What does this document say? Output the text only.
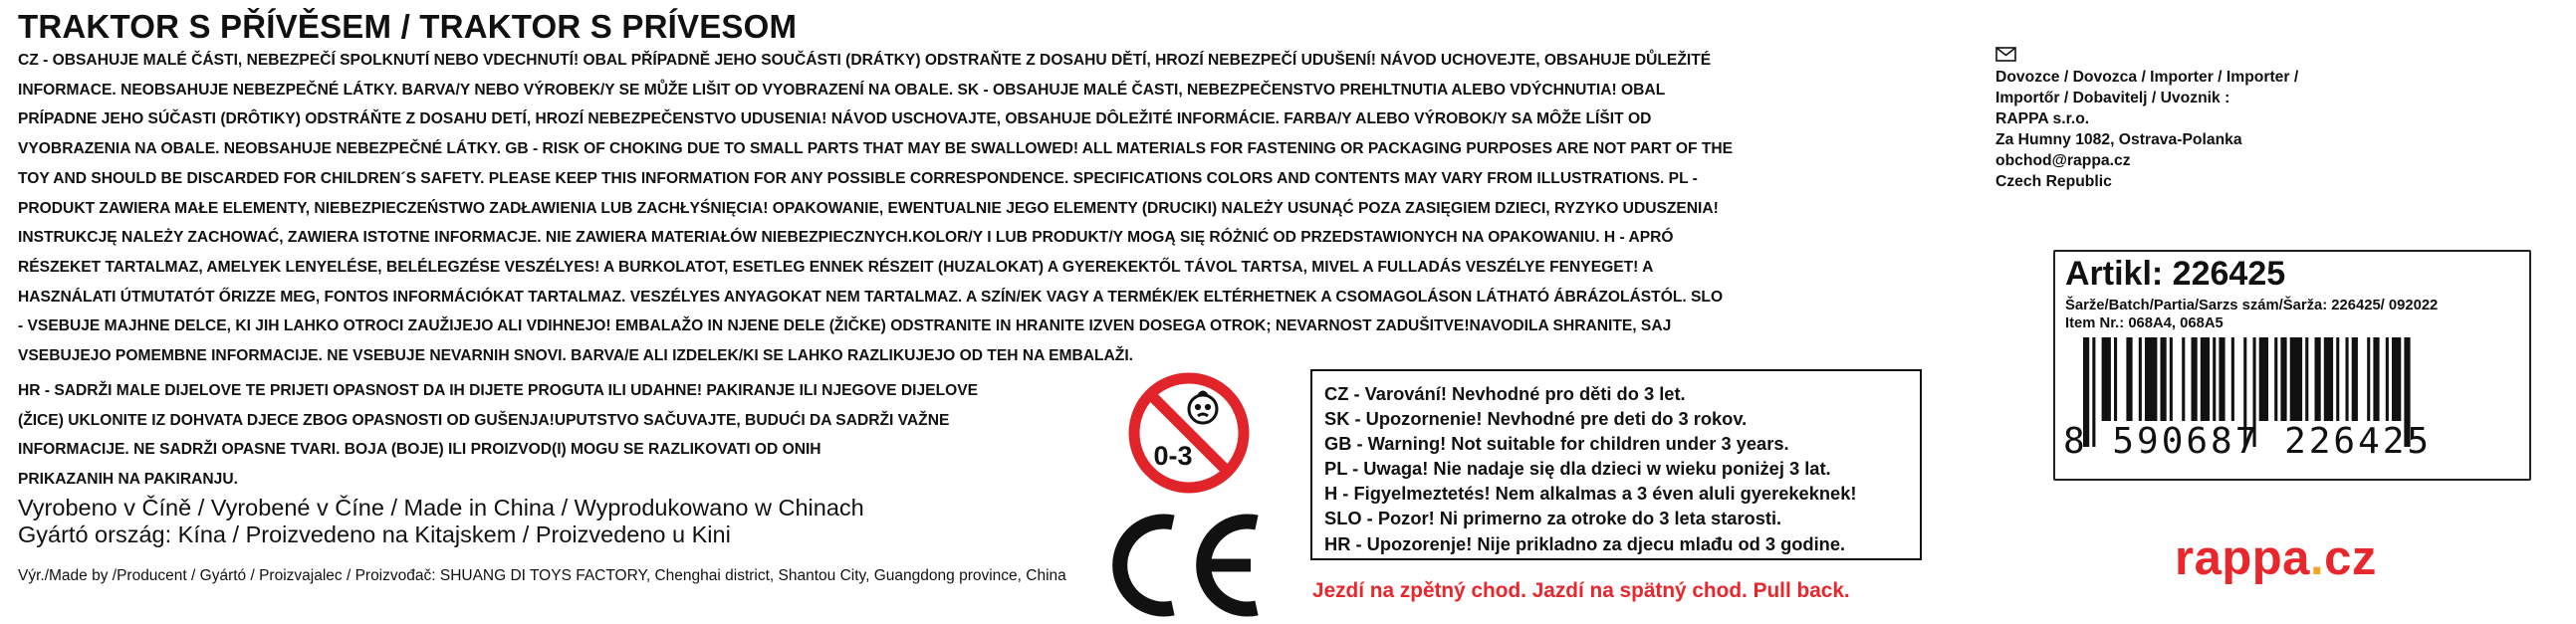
TRAKTOR S PŘÍVĚSEM / TRAKTOR S PRÍVESOM

CZ - OBSAHUJE MALÉ ČÁSTI, NEBEZPEČÍ SPOLKNUTÍ NEBO VDECHNUTÍ! OBAL PŘÍPADNĚ JEHO SOUČÁSTI (DRÁTKY) ODSTRAŇTE Z DOSAHU DĚTÍ, HROZÍ NEBEZPEČÍ UDUŠENÍ! NÁVOD UCHOVEJTE, OBSAHUJE DŮLEŽITÉ

INFORMACE. NEOBSAHUJE NEBEZPEČNÉ LÁTKY. BARVA/Y NEBO VÝROBEK/Y SE MŮŽE LIŠIT OD VYOBRAZENÍ NA OBALE. SK - OBSAHUJE MALÉ ČASTI, NEBEZPEČENSTVO PREHLTNUTIA ALEBO VDÝCHNUTIA! OBAL

PRÍPADNE JEHO SÚČASTI (DRÔTIKY) ODSTRÁŇTE Z DOSAHU DETÍ, HROZÍ NEBEZPEČENSTVO UDUSENIA! NÁVOD USCHOVAJTE, OBSAHUJE DÔLEŽITÉ INFORMÁCIE. FARBA/Y ALEBO VÝROBOK/Y SA MÔŽE LÍŠIT OD

VYOBRAZENIA NA OBALE. NEOBSAHUJE NEBEZPEČNÉ LÁTKY. GB - RISK OF CHOKING DUE TO SMALL PARTS THAT MAY BE SWALLOWED! ALL MATERIALS FOR FASTENING OR PACKAGING PURPOSES ARE NOT PART OF THE

TOY AND SHOULD BE DISCARDED FOR CHILDREN´S SAFETY. PLEASE KEEP THIS INFORMATION FOR ANY POSSIBLE CORRESPONDENCE. SPECIFICATIONS COLORS AND CONTENTS MAY VARY FROM ILLUSTRATIONS. PL -

PRODUKT ZAWIERA MAŁE ELEMENTY, NIEBEZPIECZEŃSTWO ZADŁAWIENIA LUB ZACHŁYŚNIĘCIA! OPAKOWANIE, EWENTUALNIE JEGO ELEMENTY (DRUCIKI) NALEŻY USUNĄĆ POZA ZASIĘGIEM DZIECI, RYZYKO UDUSZENIA!

INSTRUKCJĘ NALEŻY ZACHOWAĆ, ZAWIERA ISTOTNE INFORMACJE. NIE ZAWIERA MATERIAŁÓW NIEBEZPIECZNYCH.KOLOR/Y I LUB PRODUKT/Y MOGĄ SIĘ RÓŻNIĆ OD PRZEDSTAWIONYCH NA OPAKOWANIU. H - APRÓ

RÉSZEKET TARTALMAZ, AMELYEK LENYELÉSE, BELÉLEGZÉSE VESZÉLYES! A BURKOLATOT, ESETLEG ENNEK RÉSZEIT (HUZALOKAT) A GYEREKEKTŐL TÁVOL TARTSA, MIVEL A FULLADÁS VESZÉLYE FENYEGET! A

HASZNÁLATI ÚTMUTATÓT ŐRIZZE MEG, FONTOS INFORMÁCIÓKAT TARTALMAZ. VESZÉLYES ANYAGOKAT NEM TARTALMAZ. A SZÍN/EK VAGY A TERMÉK/EK ELTÉRHETNEK A CSOMAGOLÁSON LÁTHATÓ ÁBRÁZOLÁSTÓL. SLO

- VSEBUJE MAJHNE DELCE, KI JIH LAHKO OTROCI ZAUŽIJEJO ALI VDIHNEJO! EMBALAŽO IN NJENE DELE (ŽIČKE) ODSTRANITE IN HRANITE IZVEN DOSEGA OTROK; NEVARNOST ZADUŠITVE!NAVODILA SHRANITE, SAJ

VSEBUJEJO POMEMBNE INFORMACIJE. NE VSEBUJE NEVARNIH SNOVI. BARVA/E ALI IZDELEK/KI SE LAHKO RAZLIKUJEJO OD TEH NA EMBALAŽI.

HR - SADRŽI MALE DIJELOVE TE PRIJETI OPASNOST DA IH DIJETE PROGUTA ILI UDAHNE! PAKIRANJE ILI NJEGOVE DIJELOVE

(ŽICE) UKLONITE IZ DOHVATA DJECE ZBOG OPASNOSTI OD GUŠENJA!UPUTSTVO SAČUVAJTE, BUDUĆI DA SADRŽI VAŽNE

INFORMACIJE. NE SADRŽI OPASNE TVARI. BOJA (BOJE) ILI PROIZVOD(I) MOGU SE RAZLIKOVATI OD ONIH

PRIKAZANIH NA PAKIRANJU.

Vyrobeno v Číně / Vyrobené v Číne / Made in China / Wyprodukowano w Chinach
Gyártó ország: Kína / Proizvedeno na Kitajskem / Proizvedeno u Kini
Výr./Made by /Producent / Gyártó / Proizvajalec / Proizvođač: SHUANG DI TOYS FACTORY, Chenghai district, Shantou City, Guangdong province, China
0-3

CZ - Varování! Nevhodné pro děti do 3 let.

SK - Upozornenie! Nevhodné pre deti do 3 rokov.

GB - Warning! Not suitable for children under 3 years.

PL - Uwaga! Nie nadaje się dla dzieci w wieku poniżej 3 lat.

H - Figyelmeztetés! Nem alkalmas a 3 éven aluli gyerekeknek!

SLO - Pozor! Ni primerno za otroke do 3 leta starosti.

HR - Upozorenje! Nije prikladno za djecu mlađu od 3 godine.

Jezdí na zpětný chod. Jazdí na spätný chod. Pull back.

Dovozce / Dovozca / Importer / Importer /

Importőr / Dobavitelj / Uvoznik :

RAPPA s.r.o.

Za Humny 1082, Ostrava-Polanka

obchod@rappa.cz

Czech Republic

Artikl: 226425
Šarže/Batch/Partia/Sarzs szám/Šarža: 226425/ 092022
Item Nr.: 068A4, 068A5
8 590687 226425
rappa.cz
